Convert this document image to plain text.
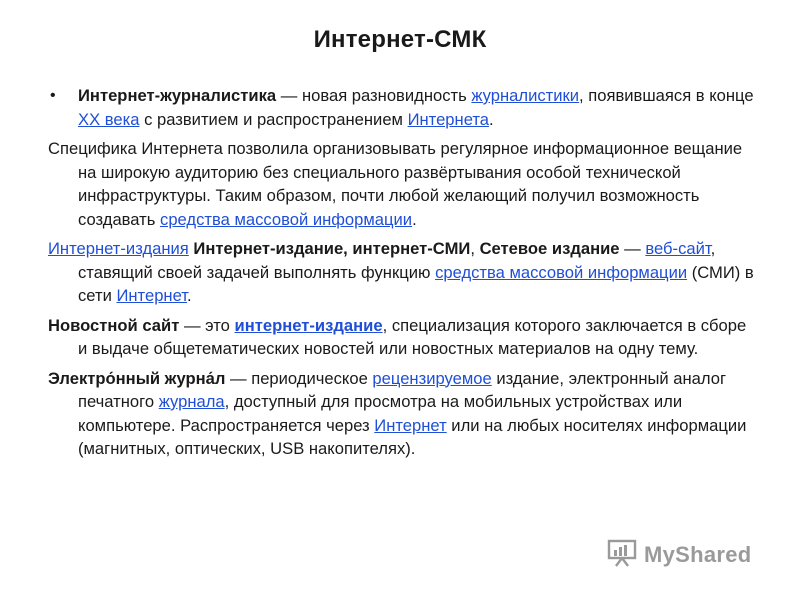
Интернет-СМК

• Интернет-журналистика — новая разновидность журналистики, появившаяся в конце XX века с развитием и распространением Интернета.

Специфика Интернета позволила организовывать регулярное информационное вещание на широкую аудиторию без специального развёртывания особой технической инфраструктуры. Таким образом, почти любой желающий получил возможность создавать средства массовой информации.

Интернет-издания Интернет-издание, интернет-СМИ, Сетевое издание — веб-сайт, ставящий своей задачей выполнять функцию средства массовой информации (СМИ) в сети Интернет.

Новостной сайт — это интернет-издание, специализация которого заключается в сборе и выдаче общетематических новостей или новостных материалов на одну тему.

Электро́нный журна́л — периодическое рецензируемое издание, электронный аналог печатного журнала, доступный для просмотра на мобильных устройствах или компьютере. Распространяется через Интернет или на любых носителях информации (магнитных, оптических, USB накопителях).

MyShared
